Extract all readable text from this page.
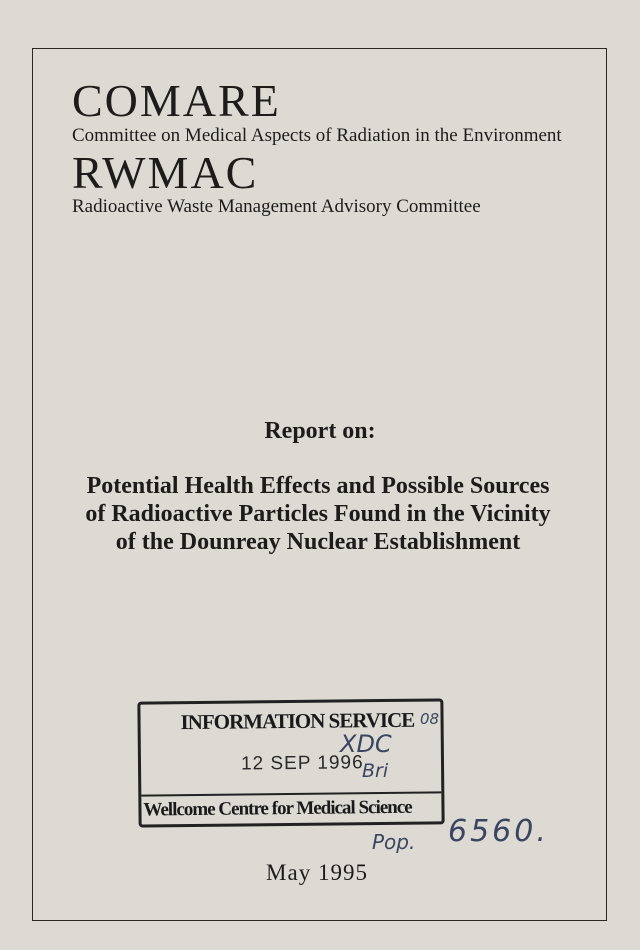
COMARE

Committee on Medical Aspects of Radiation in the Environment

RWMAC

Radioactive Waste Management Advisory Committee

Report on:
Potential Health Effects and Possible Sources
of Radioactive Particles Found in the Vicinity
of the Dounreay Nuclear Establishment
INFORMATION SERVICE
12 SEP 1996
Wellcome Centre for Medical Science
XDC
Bri
08
Pop. 6560.

May 1995
